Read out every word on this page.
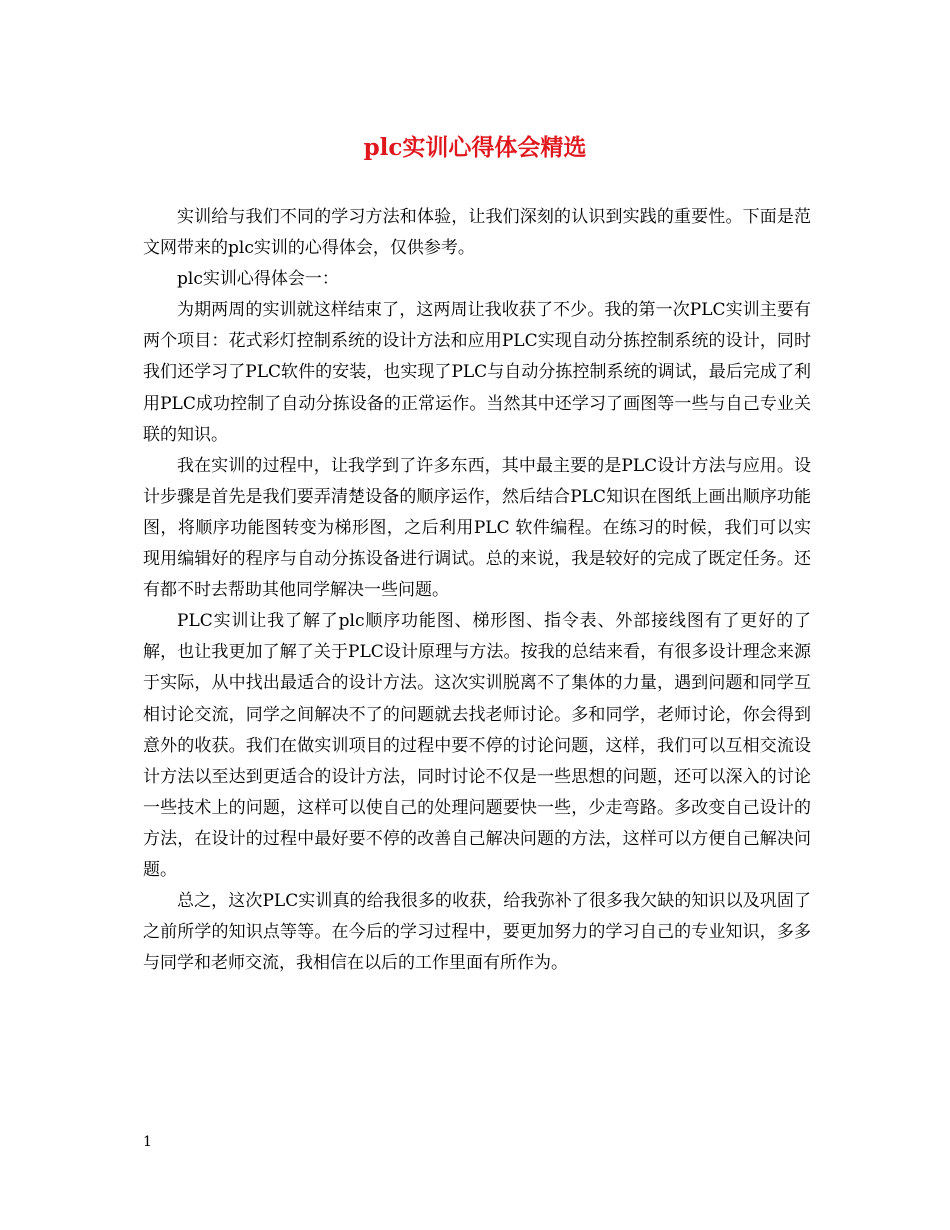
plc实训心得体会精选

实训给与我们不同的学习方法和体验，让我们深刻的认识到实践的重要性。下面是范文网带来的plc实训的心得体会，仅供参考。

plc实训心得体会一：

为期两周的实训就这样结束了，这两周让我收获了不少。我的第一次PLC实训主要有两个项目：花式彩灯控制系统的设计方法和应用PLC实现自动分拣控制系统的设计，同时我们还学习了PLC软件的安装，也实现了PLC与自动分拣控制系统的调试，最后完成了利用PLC成功控制了自动分拣设备的正常运作。当然其中还学习了画图等一些与自己专业关联的知识。

我在实训的过程中，让我学到了许多东西，其中最主要的是PLC设计方法与应用。设计步骤是首先是我们要弄清楚设备的顺序运作，然后结合PLC知识在图纸上画出顺序功能图，将顺序功能图转变为梯形图，之后利用PLC 软件编程。在练习的时候，我们可以实现用编辑好的程序与自动分拣设备进行调试。总的来说，我是较好的完成了既定任务。还有都不时去帮助其他同学解决一些问题。

PLC实训让我了解了plc顺序功能图、梯形图、指令表、外部接线图有了更好的了解，也让我更加了解了关于PLC设计原理与方法。按我的总结来看，有很多设计理念来源于实际，从中找出最适合的设计方法。这次实训脱离不了集体的力量，遇到问题和同学互相讨论交流，同学之间解决不了的问题就去找老师讨论。多和同学，老师讨论，你会得到意外的收获。我们在做实训项目的过程中要不停的讨论问题，这样，我们可以互相交流设计方法以至达到更适合的设计方法，同时讨论不仅是一些思想的问题，还可以深入的讨论一些技术上的问题，这样可以使自己的处理问题要快一些，少走弯路。多改变自己设计的方法，在设计的过程中最好要不停的改善自己解决问题的方法，这样可以方便自己解决问题。

总之，这次PLC实训真的给我很多的收获，给我弥补了很多我欠缺的知识以及巩固了之前所学的知识点等等。在今后的学习过程中，要更加努力的学习自己的专业知识，多多与同学和老师交流，我相信在以后的工作里面有所作为。

1
